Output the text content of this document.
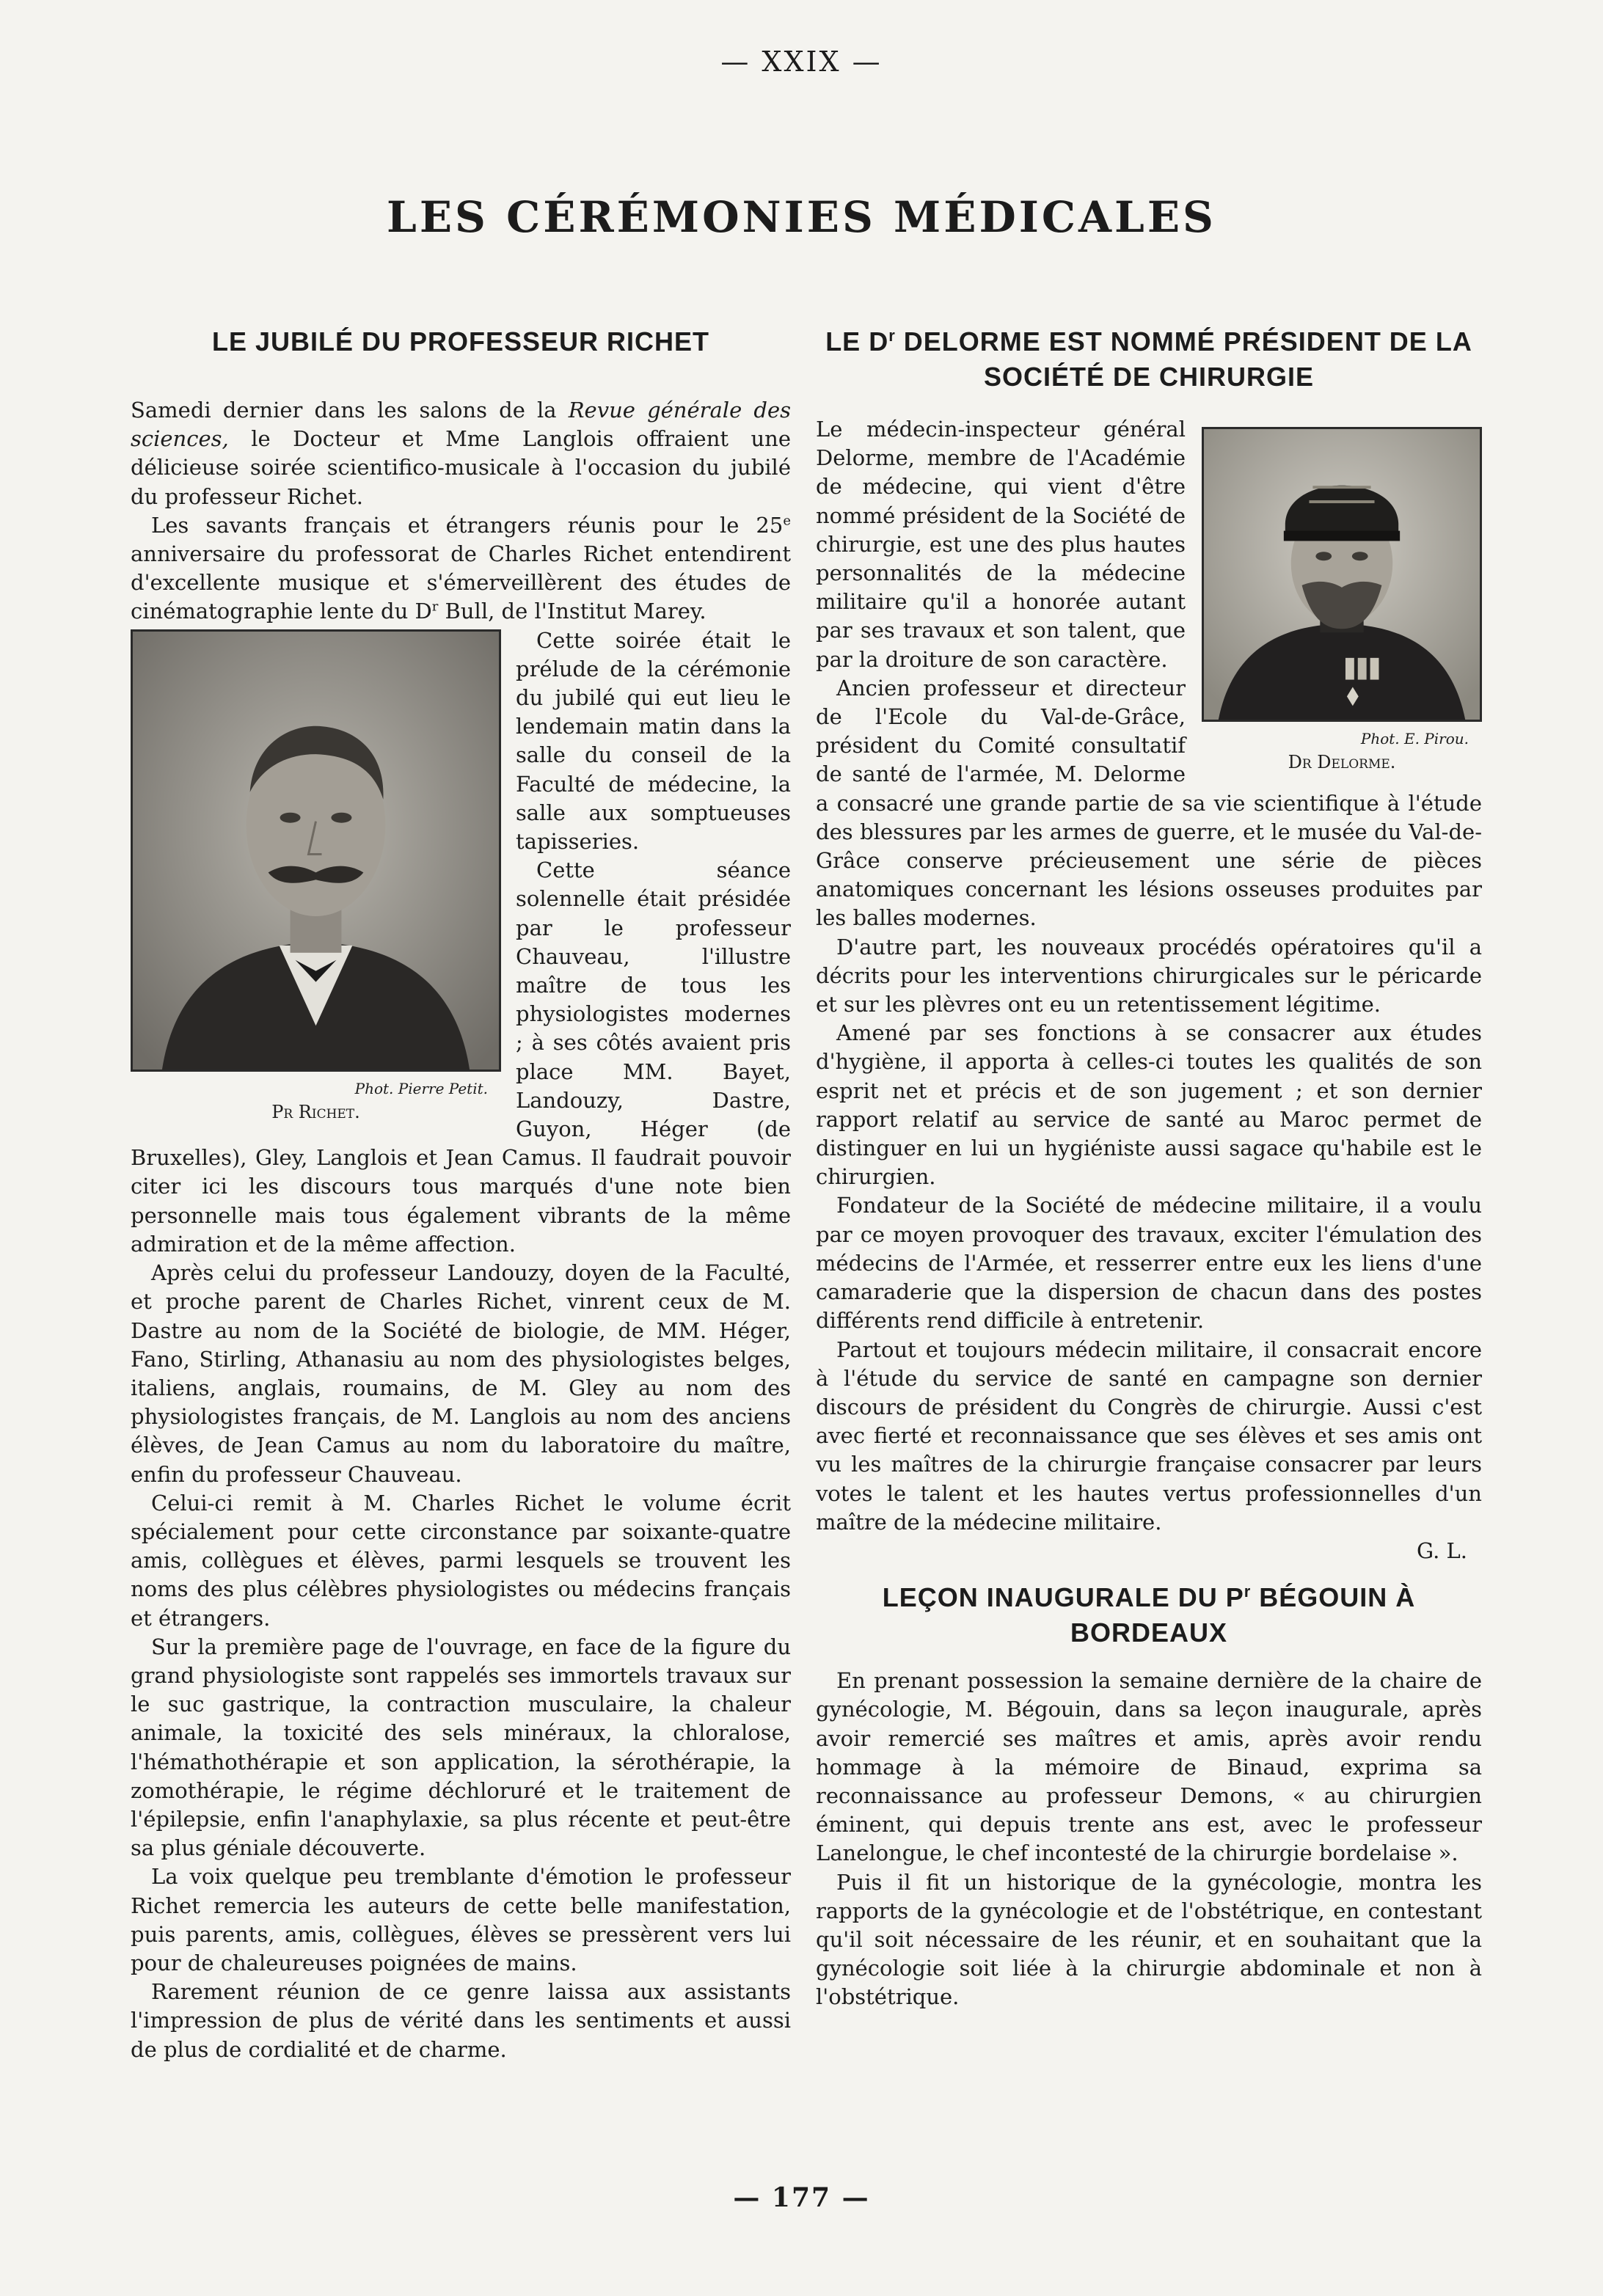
— XXIX —
LES CÉRÉMONIES MÉDICALES
LE JUBILÉ DU PROFESSEUR RICHET

Samedi dernier dans les salons de la Revue générale des sciences, le Docteur et Mme Langlois offraient une délicieuse soirée scientifico-musicale à l'occasion du jubilé du professeur Richet.

Les savants français et étrangers réunis pour le 25e anniversaire du professorat de Charles Richet entendirent d'excellente musique et s'émerveillèrent des études de cinématographie lente du $D^r$ Bull, de l'Institut Marey.

Phot. Pierre Petit.
Pr Richet.

Cette soirée était le prélude de la cérémonie du jubilé qui eut lieu le lendemain matin dans la salle du conseil de la Faculté de médecine, la salle aux somptueuses tapisseries.

Cette séance solennelle était présidée par le professeur Chauveau, l'illustre maître de tous les physiologistes modernes ; à ses côtés avaient pris place MM. Bayet, Landouzy, Dastre, Guyon, Héger (de Bruxelles), Gley, Langlois et Jean Camus. Il faudrait pouvoir citer ici les discours tous marqués d'une note bien personnelle mais tous également vibrants de la même admiration et de la même affection.

Après celui du professeur Landouzy, doyen de la Faculté, et proche parent de Charles Richet, vinrent ceux de M. Dastre au nom de la Société de biologie, de MM. Héger, Fano, Stirling, Athanasiu au nom des physiologistes belges, italiens, anglais, roumains, de M. Gley au nom des physiologistes français, de M. Langlois au nom des anciens élèves, de Jean Camus au nom du laboratoire du maître, enfin du professeur Chauveau.

Celui-ci remit à M. Charles Richet le volume écrit spécialement pour cette circonstance par soixante-quatre amis, collègues et élèves, parmi lesquels se trouvent les noms des plus célèbres physiologistes ou médecins français et étrangers.

Sur la première page de l'ouvrage, en face de la figure du grand physiologiste sont rappelés ses immortels travaux sur le suc gastrique, la contraction musculaire, la chaleur animale, la toxicité des sels minéraux, la chloralose, l'hémathothérapie et son application, la sérothérapie, la zomothérapie, le régime déchloruré et le traitement de l'épilepsie, enfin l'anaphylaxie, sa plus récente et peut-être sa plus géniale découverte.

La voix quelque peu tremblante d'émotion le professeur Richet remercia les auteurs de cette belle manifestation, puis parents, amis, collègues, élèves se pressèrent vers lui pour de chaleureuses poignées de mains.

Rarement réunion de ce genre laissa aux assistants l'impression de plus de vérité dans les sentiments et aussi de plus de cordialité et de charme.

LE $D^r$ DELORME EST NOMMÉ PRÉSIDENT DE LA SOCIÉTÉ DE CHIRURGIE
Phot. E. Pirou.
Dr Delorme.

Le médecin-inspecteur général Delorme, membre de l'Académie de médecine, qui vient d'être nommé président de la Société de chirurgie, est une des plus hautes personnalités de la médecine militaire qu'il a honorée autant par ses travaux et son talent, que par la droiture de son caractère.

Ancien professeur et directeur de l'Ecole du Val-de-Grâce, président du Comité consultatif de santé de l'armée, M. Delorme a consacré une grande partie de sa vie scientifique à l'étude des blessures par les armes de guerre, et le musée du Val-de-Grâce conserve précieusement une série de pièces anatomiques concernant les lésions osseuses produites par les balles modernes.

D'autre part, les nouveaux procédés opératoires qu'il a décrits pour les interventions chirurgicales sur le péricarde et sur les plèvres ont eu un retentissement légitime.

Amené par ses fonctions à se consacrer aux études d'hygiène, il apporta à celles-ci toutes les qualités de son esprit net et précis et de son jugement ; et son dernier rapport relatif au service de santé au Maroc permet de distinguer en lui un hygiéniste aussi sagace qu'habile est le chirurgien.

Fondateur de la Société de médecine militaire, il a voulu par ce moyen provoquer des travaux, exciter l'émulation des médecins de l'Armée, et resserrer entre eux les liens d'une camaraderie que la dispersion de chacun dans des postes différents rend difficile à entretenir.

Partout et toujours médecin militaire, il consacrait encore à l'étude du service de santé en campagne son dernier discours de président du Congrès de chirurgie. Aussi c'est avec fierté et reconnaissance que ses élèves et ses amis ont vu les maîtres de la chirurgie française consacrer par leurs votes le talent et les hautes vertus professionnelles d'un maître de la médecine militaire.

G. L.

LEÇON INAUGURALE DU $P^r$ BÉGOUIN À BORDEAUX

En prenant possession la semaine dernière de la chaire de gynécologie, M. Bégouin, dans sa leçon inaugurale, après avoir remercié ses maîtres et amis, après avoir rendu hommage à la mémoire de Binaud, exprima sa reconnaissance au professeur Demons, « au chirurgien éminent, qui depuis trente ans est, avec le professeur Lanelongue, le chef incontesté de la chirurgie bordelaise ».

Puis il fit un historique de la gynécologie, montra les rapports de la gynécologie et de l'obstétrique, en contestant qu'il soit nécessaire de les réunir, et en souhaitant que la gynécologie soit liée à la chirurgie abdominale et non à l'obstétrique.

— 177 —
